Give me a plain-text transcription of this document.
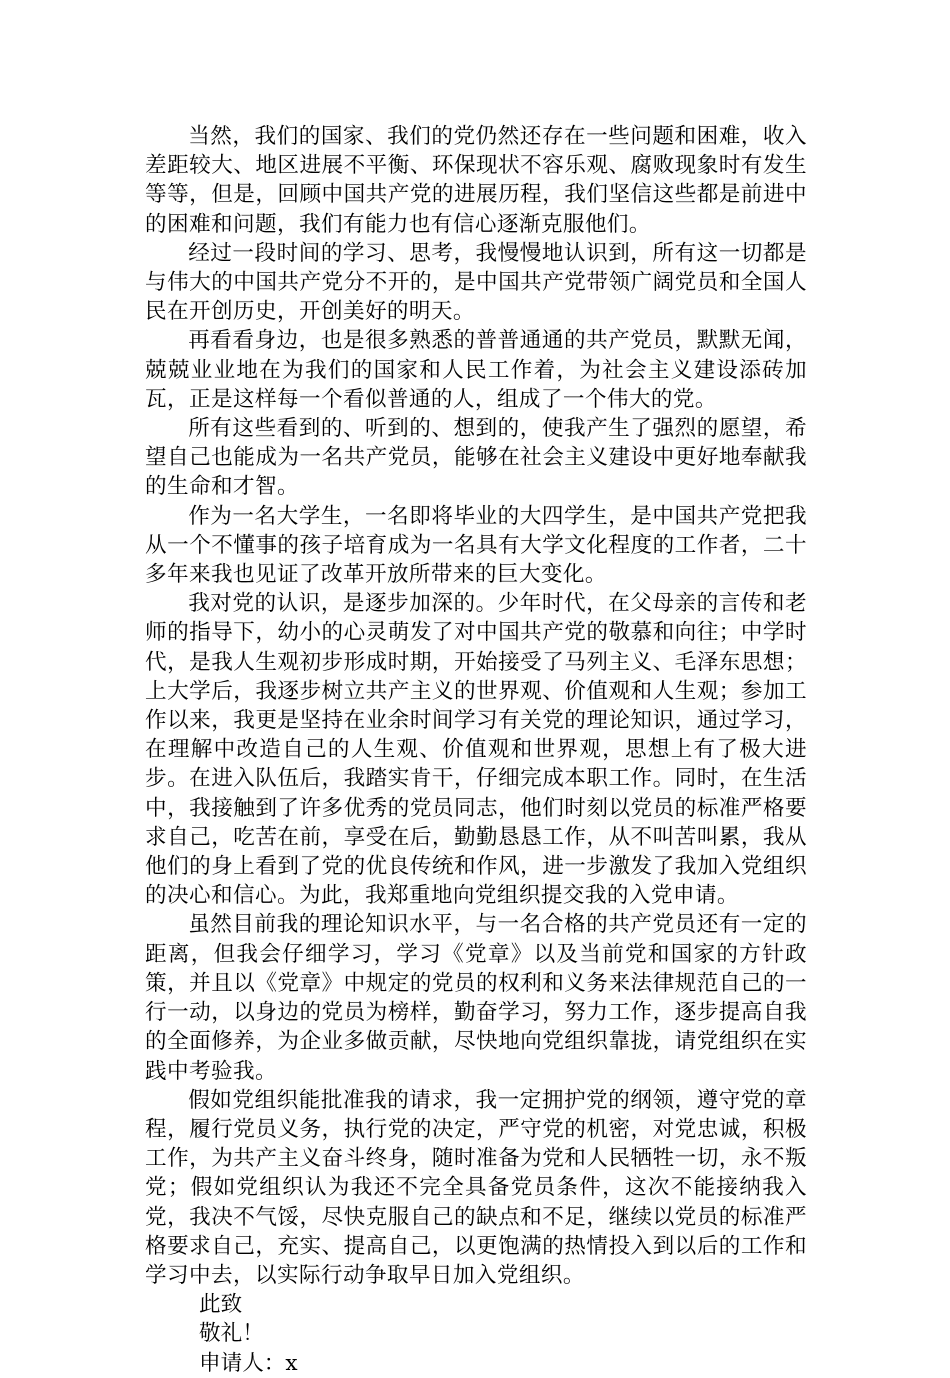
当然，我们的国家、我们的党仍然还存在一些问题和困难，收入差距较大、地区进展不平衡、环保现状不容乐观、腐败现象时有发生等等，但是，回顾中国共产党的进展历程，我们坚信这些都是前进中的困难和问题，我们有能力也有信心逐渐克服他们。

经过一段时间的学习、思考，我慢慢地认识到，所有这一切都是与伟大的中国共产党分不开的，是中国共产党带领广阔党员和全国人民在开创历史，开创美好的明天。

再看看身边，也是很多熟悉的普普通通的共产党员，默默无闻，兢兢业业地在为我们的国家和人民工作着，为社会主义建设添砖加瓦，正是这样每一个看似普通的人，组成了一个伟大的党。

所有这些看到的、听到的、想到的，使我产生了强烈的愿望，希望自己也能成为一名共产党员，能够在社会主义建设中更好地奉献我的生命和才智。

作为一名大学生，一名即将毕业的大四学生，是中国共产党把我从一个不懂事的孩子培育成为一名具有大学文化程度的工作者，二十多年来我也见证了改革开放所带来的巨大变化。

我对党的认识，是逐步加深的。少年时代，在父母亲的言传和老师的指导下，幼小的心灵萌发了对中国共产党的敬慕和向往；中学时代，是我人生观初步形成时期，开始接受了马列主义、毛泽东思想；上大学后，我逐步树立共产主义的世界观、价值观和人生观；参加工作以来，我更是坚持在业余时间学习有关党的理论知识，通过学习，在理解中改造自己的人生观、价值观和世界观，思想上有了极大进步。在进入队伍后，我踏实肯干，仔细完成本职工作。同时，在生活中，我接触到了许多优秀的党员同志，他们时刻以党员的标准严格要求自己，吃苦在前，享受在后，勤勤恳恳工作，从不叫苦叫累，我从他们的身上看到了党的优良传统和作风，进一步激发了我加入党组织的决心和信心。为此，我郑重地向党组织提交我的入党申请。

虽然目前我的理论知识水平，与一名合格的共产党员还有一定的距离，但我会仔细学习，学习《党章》以及当前党和国家的方针政策，并且以《党章》中规定的党员的权利和义务来法律规范自己的一行一动，以身边的党员为榜样，勤奋学习，努力工作，逐步提高自我的全面修养，为企业多做贡献，尽快地向党组织靠拢，请党组织在实践中考验我。

假如党组织能批准我的请求，我一定拥护党的纲领，遵守党的章程，履行党员义务，执行党的决定，严守党的机密，对党忠诚，积极工作，为共产主义奋斗终身，随时准备为党和人民牺牲一切，永不叛党；假如党组织认为我还不完全具备党员条件，这次不能接纳我入党，我决不气馁，尽快克服自己的缺点和不足，继续以党员的标准严格要求自己，充实、提高自己，以更饱满的热情投入到以后的工作和学习中去，以实际行动争取早日加入党组织。

此致

敬礼！

申请人：x
